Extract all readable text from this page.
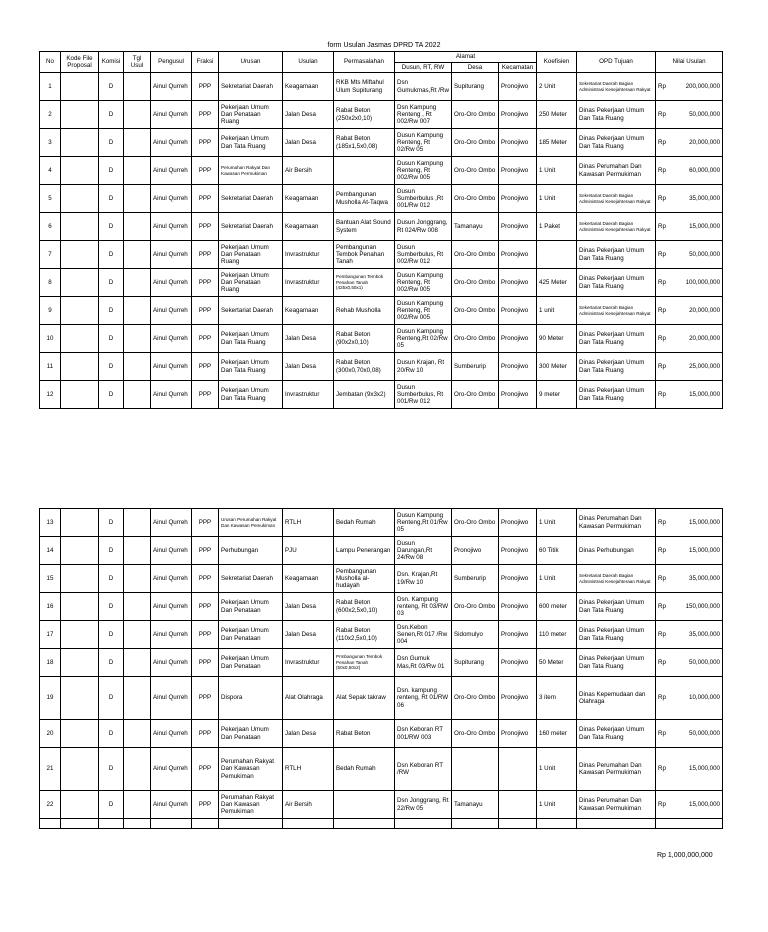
form Usulan Jasmas DPRD TA 2022
No	Kode File Proposal	Komisi	Tgl Usul	Pengusul	Fraksi	Urusan	Usulan	Permasalahan	Alamat			Koefisien	OPD Tujuan	Nilai Usulan
									Dusun, RT, RW	Desa	Kecamatan			
1		D		Ainul Qurreh	PPP	Sekretariat Daerah	Keagamaan	RKB Mts Miftahul Ulum Supiturang	Dsn Gumukmas,Rt /Rw	Supiturang	Pronojiwo	2 Unit	Sekretariat Daerah Bagian Administrasi Kesejahteraan Rakyat	Rp 200,000,000

2		D		Ainul Qurreh	PPP	Pekerjaan Umum Dan Penataan Ruang	Jalan Desa	Rabat Beton (250x2x0,10)	Dsn Kampung Renteng , Rt 002/Rw 007	Oro-Oro Ombo	Pronojiwo	250 Meter	Dinas Pekerjaan Umum Dan Tata Ruang	Rp 50,000,000

3		D		Ainul Qurreh	PPP	Pekerjaan Umum Dan Tata Ruang	Jalan Desa	Rabat Beton (185x1,5x0,08)	Dusun Kampung Renteng, Rt 02/Rw 05	Oro-Oro Ombo	Pronojiwo	185 Meter	Dinas Pekerjaan Umum Dan Tata Ruang	Rp 20,000,000

4		D		Ainul Qurreh	PPP	Perumahan Rakyat Dan Kawasan Permukiman	Air Bersih		Dusun Kampung Renteng, Rt 002/Rw 005	Oro-Oro Ombo	Pronojiwo	1 Unit	Dinas Perumahan Dan Kawasan Permukiman	Rp 60,000,000

5		D		Ainul Qurreh	PPP	Sekretariat Daerah	Keagamaan	Pembangunan Musholla At-Taqwa	Dusun Sumberbulus ,Rt 001/Rw 012	Oro-Oro Ombo	Pronojiwo	1 Unit	Sekretariat Daerah Bagian Administrasi Kesejahteraan Rakyat	Rp 35,000,000

6		D		Ainul Qurreh	PPP	Sekretariat Daerah	Keagamaan	Bantuan Alat Sound System	Dusun Jonggrang, Rt 024/Rw 008	Tamanayu	Pronojiwo	1 Paket	Sekertariat Daerah Bagian Administrasi Kesejahteraan Rakyat	Rp 15,000,000

7		D		Ainul Qurreh	PPP	Pekerjaan Umum Dan Penataan Ruang	Invrastruktur	Pembangunan Tembok Penahan Tanah	Dusun Sumberbulus, Rt 002/Rw 012	Oro-Oro Ombo	Pronojiwo		Dinas Pekerjaan Umum Dan Tata Ruang	Rp 50,000,000

8		D		Ainul Qurreh	PPP	Pekerjaan Umum Dan Penataan Ruang	Invrastruktur	Pembangunan Tembok Penahan Tanah (425x0,50x1)	Dusun Kampung Renteng, Rt 002/Rw 005	Oro-Oro Ombo	Pronojiwo	425 Meter	Dinas Pekerjaan Umum Dan Tata Ruang	Rp 100,000,000

9		D		Ainul Qurreh	PPP	Sekertariat Daerah	Keagamaan	Rehab Musholla	Dusun Kampung Renteng, Rt 002/Rw 005	Oro-Oro Ombo	Pronojiwo	1 unit	Sekertariat Daerah Bagian Administrasi Kesejahteraan Rakyat	Rp 20,000,000

10		D		Ainul Qurreh	PPP	Pekerjaan Umum Dan Tata Ruang	Jalan Desa	Rabat Beton (90x2x0,10)	Dusun Kampung Renteng,Rt 02/Rw 05	Oro-Oro Ombo	Pronojiwo	90 Meter	Dinas Pekerjaan Umum Dan Tata Ruang	Rp 20,000,000

11		D		Ainul Qurreh	PPP	Pekerjaan Umum Dan Tata Ruang	Jalan Desa	Rabat Beton (300x0,70x0,08)	Dusun Krajan, Rt 20/Rw 10	Sumberurip	Pronojiwo	300 Meter	Dinas Pekerjaan Umum Dan Tata Ruang	Rp 25,000,000

12		D		Ainul Qurreh	PPP	Pekerjaan Umum Dan Tata Ruang	Invrastruktur	Jembatan (9x3x2)	Dusun Sumberbulus, Rt 001/Rw 012	Oro-Oro Ombo	Pronojiwo	9 meter	Dinas Pekerjaan Umum Dan Tata Ruang	Rp 15,000,000
13		D		Ainul Qurreh	PPP	Urusan Perumahan Rakyat Dan Kawasan Pemukiman	RTLH	Bedah Rumah	Dusun Kampung Renteng,Rt 01/Rw 05	Oro-Oro Ombo	Pronojiwo	1 Unit	Dinas Perumahan Dan Kawasan Permukiman	Rp 15,000,000

14		D		Ainul Qurreh	PPP	Perhubungan	PJU	Lampu Penerangan	Dusun Darungan,Rt 24/Rw 08	Pronojiwo	Pronojiwo	60 Titik	Dinas Perhubungan	Rp 15,000,000

15		D		Ainul Qurreh	PPP	Sekretariat Daerah	Keagamaan	Pembangunan Musholla al-hudayah	Dsn. Krajan,Rt 19/Rw 10	Sumberurip	Pronojiwo	1 Unit	Sekretariat Daerah Bagian Administrasi Kesejahteraan Rakyat	Rp 35,000,000

16		D		Ainul Qurreh	PPP	Pekerjaan Umum Dan Penataan	Jalan Desa	Rabat Beton (600x2,5x0,10)	Dsn. Kampung renteng, Rt 03/RW 03	Oro-Oro Ombo	Pronojiwo	600 meter	Dinas Pekerjaan Umum Dan Tata Ruang	Rp 150,000,000

17		D		Ainul Qurreh	PPP	Pekerjaan Umum Dan Penataan	Jalan Desa	Rabat Beton (110x2,5x0,10)	Dsn.Kebon Senen,Rt 017 /Rw 004	Sidomulyo	Pronojiwo	110 meter	Dinas Pekerjaan Umum Dan Tata Ruang	Rp 35,000,000

18		D		Ainul Qurreh	PPP	Pekerjaan Umum Dan Penataan	Invrastruktur	Prmbangunan Tembok Penahan Tanah (50x0,50x2)	Dsn Gumuk Mas,Rt 03/Rw 01	Supiturang	Pronojiwo	50 Meter	Dinas Pekerjaan Umum Dan Tata Ruang	Rp 50,000,000

19		D		Ainul Qurreh	PPP	Dispora	Alat Olahraga	Alat Sepak takraw	Dsn. kampung renteng, Rt 01/RW 06	Oro-Oro Ombo	Pronojiwo	3 item	Dinas Kepemudaan dan Olahraga	Rp 10,000,000

20		D		Ainul Qurreh	PPP	Pekerjaan Umum Dan Penataan	Jalan Desa	Rabat Beton	Dsn Keboran RT 001/RW 003	Oro-Oro Ombo	Pronojiwo	160 meter	Dinas Pekerjaan Umum Dan Tata Ruang	Rp 50,000,000

21		D		Ainul Qurreh	PPP	Perumahan Rakyat Dan Kawasan Pemukiman	RTLH	Bedah Rumah	Dsn Keboran RT /RW			1 Unit	Dinas Perumahan Dan Kawasan Permukiman	Rp 15,000,000

22		D		Ainul Qurreh	PPP	Perumahan Rakyat Dan Kawasan Pemukiman	Air Bersih		Dsn Jonggrang, Rt 22/Rw 05	Tamanayu		1 Unit	Dinas Perumahan Dan Kawasan Permukiman	Rp 15,000,000

Rp 1,000,000,000
